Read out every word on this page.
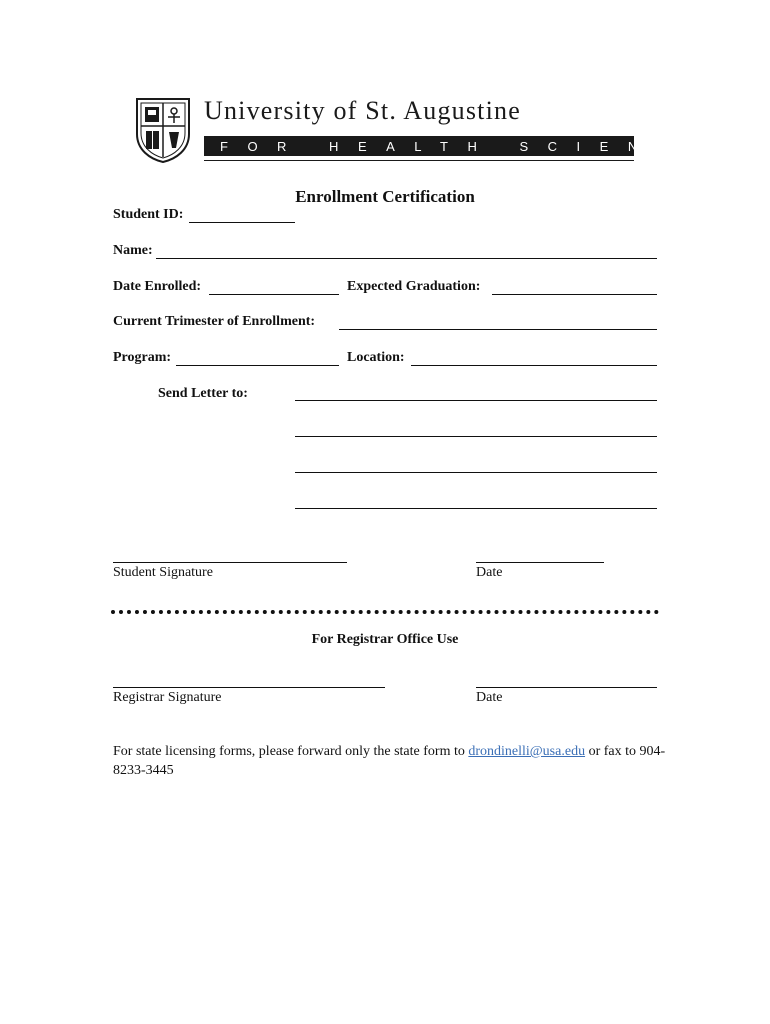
University of St. Augustine
FOR HEALTH SCIENCES
Enrollment Certification
Student ID:
Name:
Date Enrolled:	Expected Graduation:
Current Trimester of Enrollment:
Program:	Location:
Send Letter to:
Student Signature	Date
For Registrar Office Use
Registrar Signature	Date
For state licensing forms, please forward only the state form to drondinelli@usa.edu or fax to 904-8233-3445
